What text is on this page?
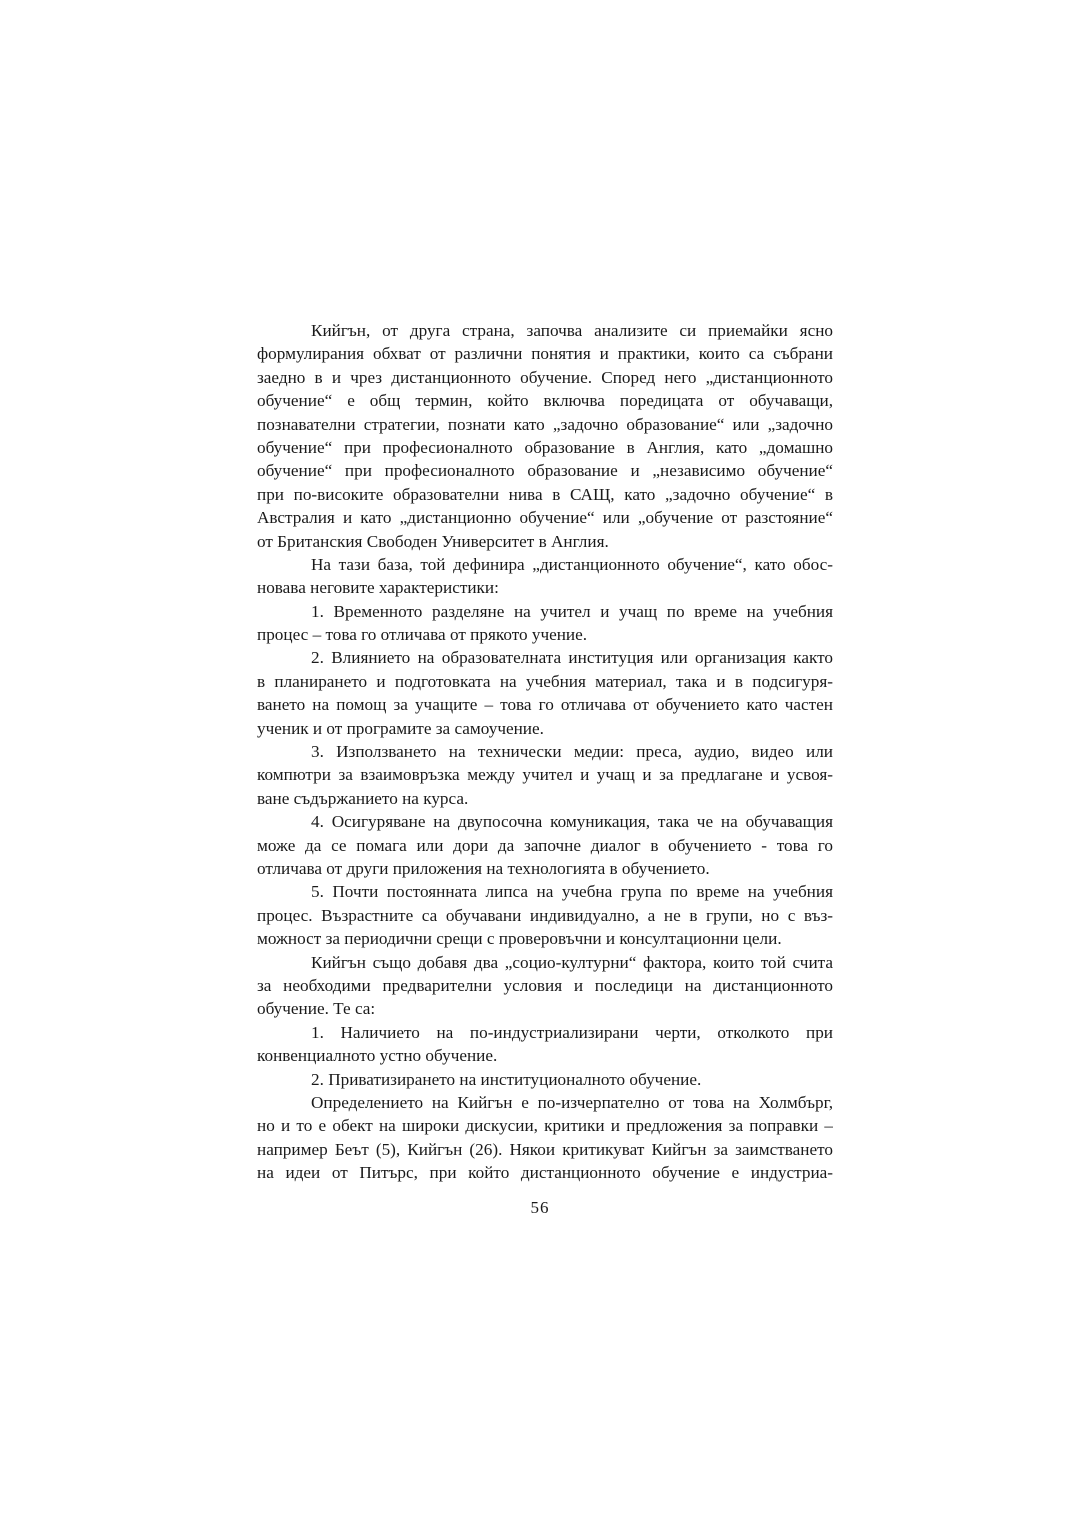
Кийгън, от друга страна, започва анализите си приемайки ясно
формулирания обхват от различни понятия и практики, които са събрани
заедно в и чрез дистанционното обучение. Според него „дистанционното
обучение“ е общ термин, който включва поредицата от обучаващи,
познавателни стратегии, познати като „задочно образование“ или „задочно
обучение“ при професионалното образование в Англия, като „домашно
обучение“ при професионалното образование и „независимо обучение“
при по-високите образователни нива в САЩ, като „задочно обучение“ в
Австралия и като „дистанционно обучение“ или „обучение от разстояние“
от Британския Свободен Университет в Англия.
На тази база, той дефинира „дистанционното обучение“, като обос-
новава неговите характеристики:
1. Временното разделяне на учител и учащ по време на учебния
процес – това го отличава от прякото учение.
2. Влиянието на образователната институция или организация както
в планирането и подготовката на учебния материал, така и в подсигуря-
ването на помощ за учащите – това го отличава от обучението като частен
ученик и от програмите за самоучение.
3. Използването на технически медии: преса, аудио, видео или
компютри за взаимовръзка между учител и учащ и за предлагане и усвоя-
ване съдържанието на курса.
4. Осигуряване на двупосочна комуникация, така че на обучаващия
може да се помага или дори да започне диалог в обучението - това го
отличава от други приложения на технологията в обучението.
5. Почти постоянната липса на учебна група по време на учебния
процес. Възрастните са обучавани индивидуално, а не в групи, но с въз-
можност за периодични срещи с проверовъчни и консултационни цели.
Кийгън също добавя два „социо-културни“ фактора, които той счита
за необходими предварителни условия и последици на дистанционното
обучение. Те са:
1. Наличието на по-индустриализирани черти, отколкото при
конвенциалното устно обучение.
2. Приватизирането на институционалното обучение.
Определението на Кийгън е по-изчерпателно от това на Холмбърг,
но и то е обект на широки дискусии, критики и предложения за поправки –
например Беът (5), Кийгън (26). Някои критикуват Кийгън за заимстването
на идеи от Питърс, при който дистанционното обучение е индустриа-
56
